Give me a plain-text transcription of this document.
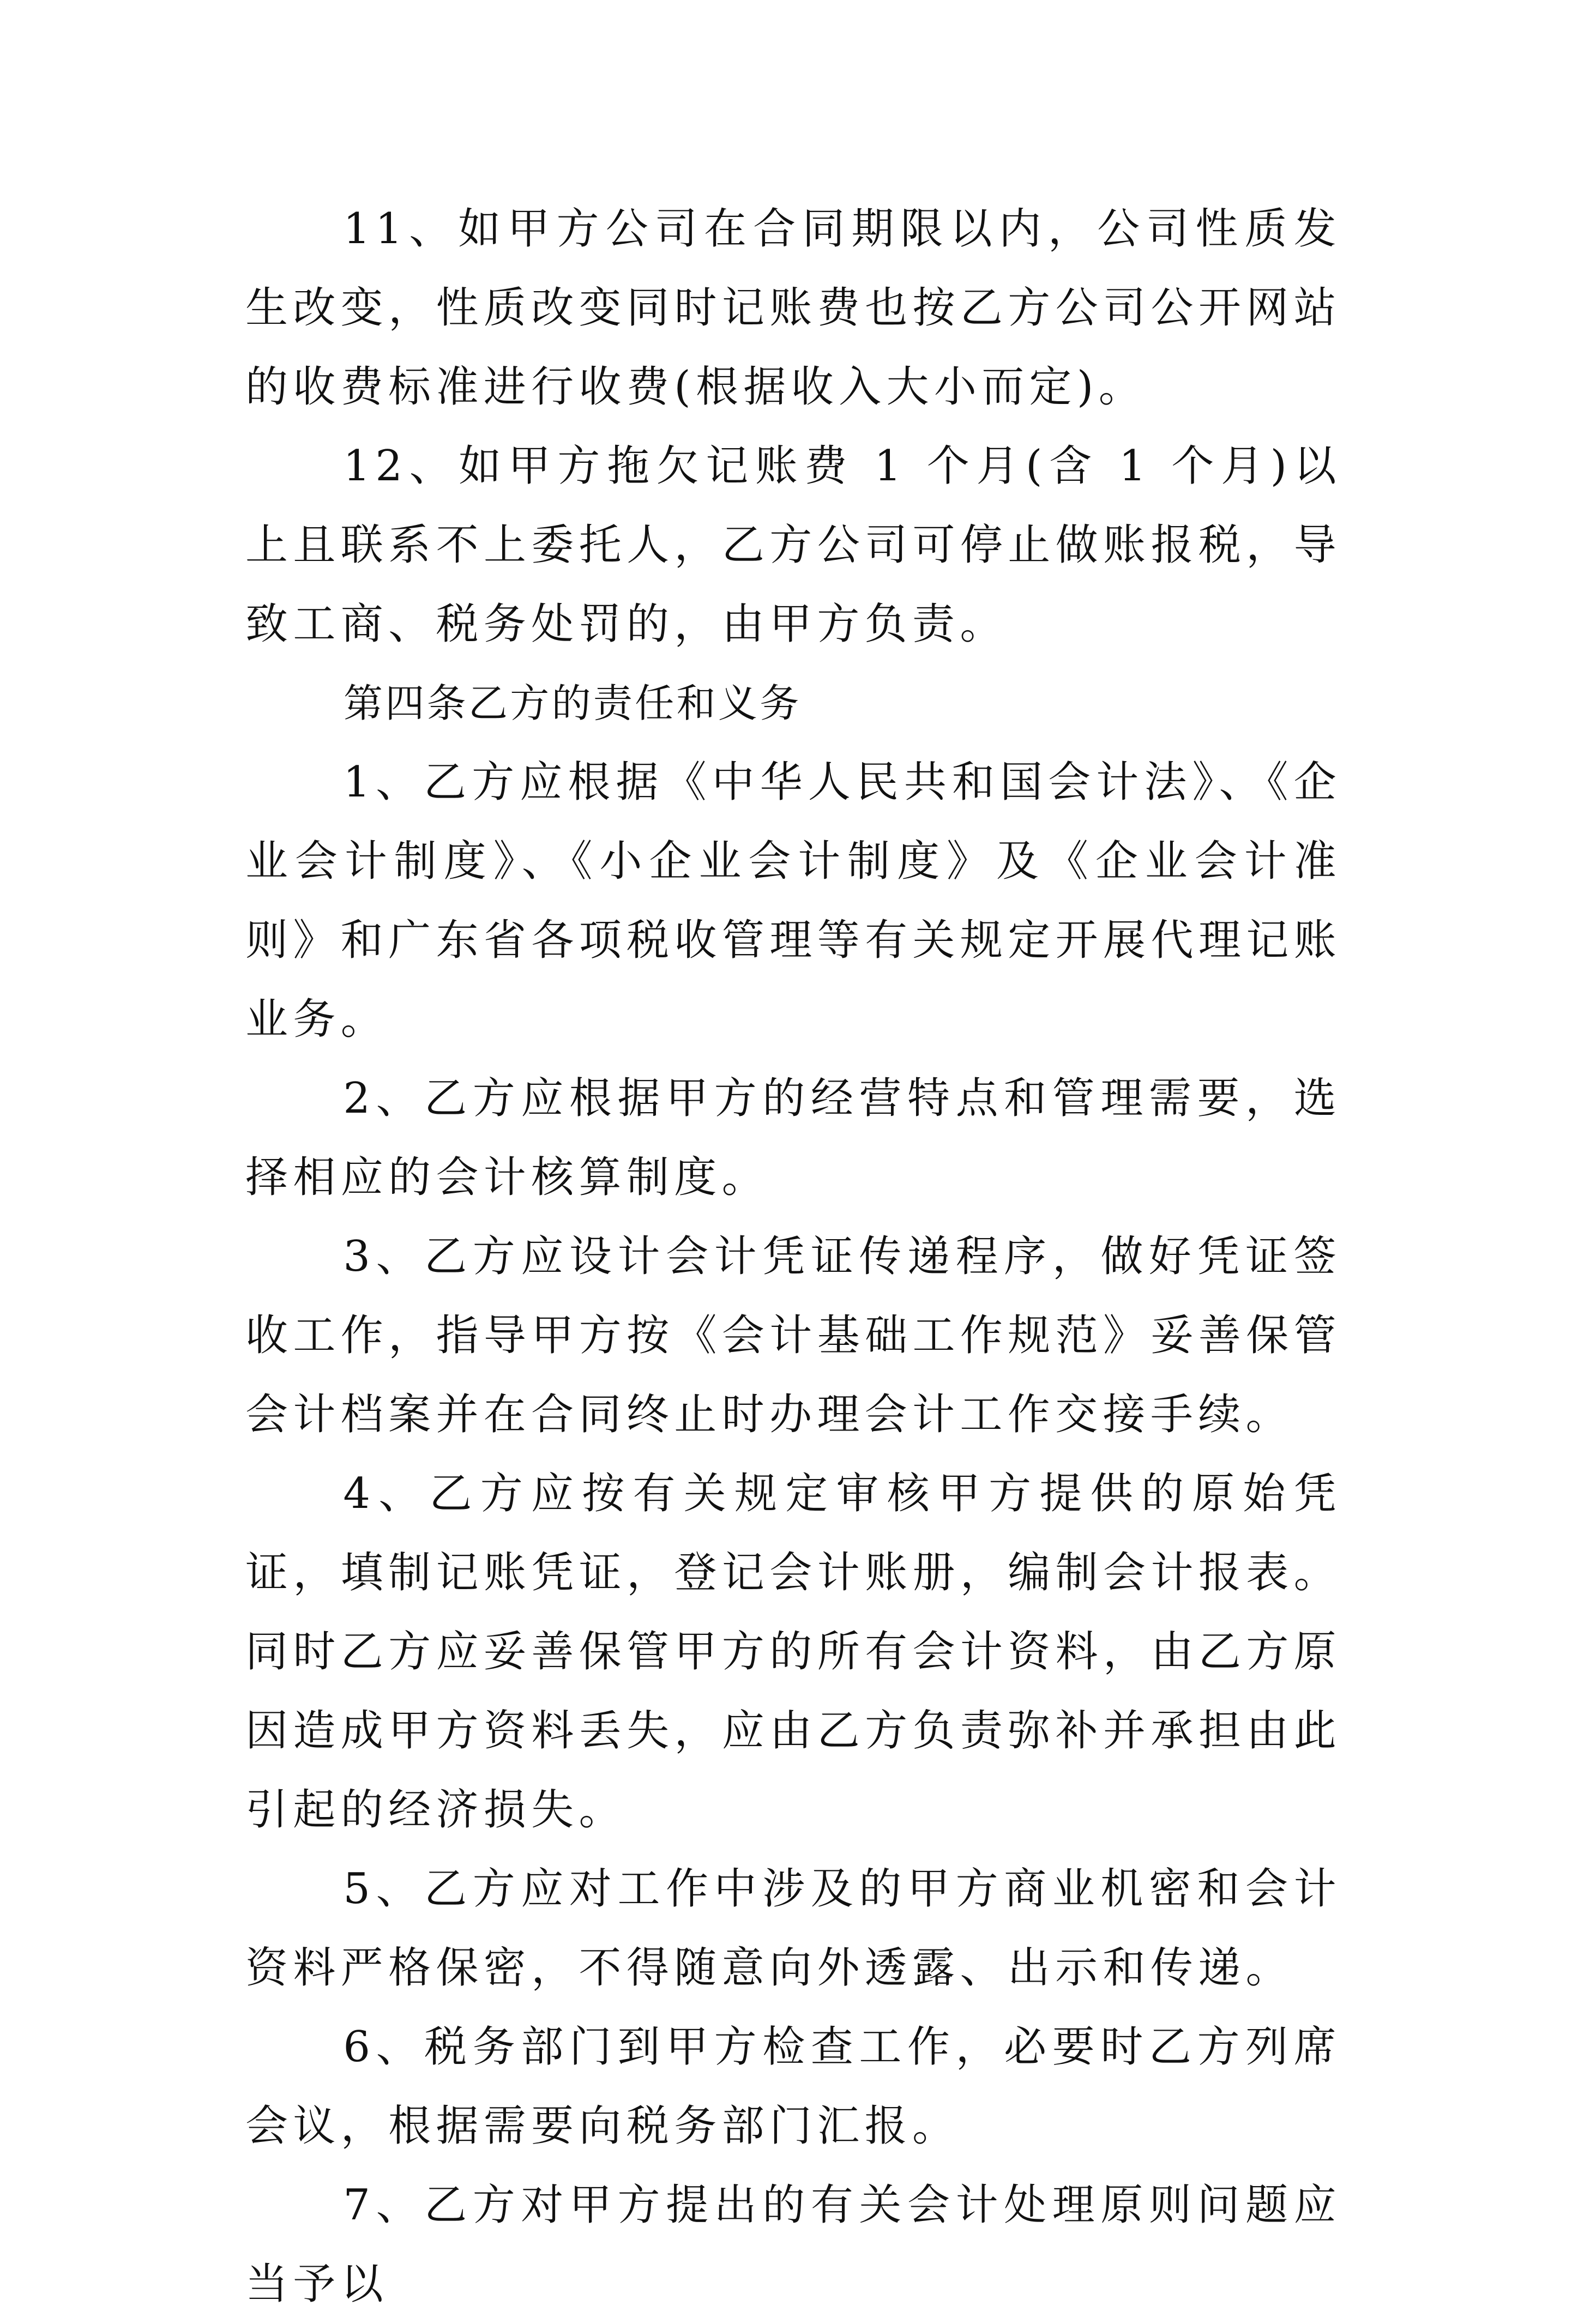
11、如甲方公司在合同期限以内，公司性质发生改变，性质改变同时记账费也按乙方公司公开网站的收费标准进行收费(根据收入大小而定)。

12、如甲方拖欠记账费 1 个月(含 1 个月)以上且联系不上委托人，乙方公司可停止做账报税，导致工商、税务处罚的，由甲方负责。

第四条乙方的责任和义务

1、乙方应根据《中华人民共和国会计法》、《企业会计制度》、《小企业会计制度》及《企业会计准则》和广东省各项税收管理等有关规定开展代理记账业务。

2、乙方应根据甲方的经营特点和管理需要，选择相应的会计核算制度。

3、乙方应设计会计凭证传递程序，做好凭证签收工作，指导甲方按《会计基础工作规范》妥善保管会计档案并在合同终止时办理会计工作交接手续。

4、乙方应按有关规定审核甲方提供的原始凭证，填制记账凭证，登记会计账册，编制会计报表。同时乙方应妥善保管甲方的所有会计资料，由乙方原因造成甲方资料丢失，应由乙方负责弥补并承担由此引起的经济损失。

5、乙方应对工作中涉及的甲方商业机密和会计资料严格保密，不得随意向外透露、出示和传递。

6、税务部门到甲方检查工作，必要时乙方列席会议，根据需要向税务部门汇报。

7、乙方对甲方提出的有关会计处理原则问题应当予以
